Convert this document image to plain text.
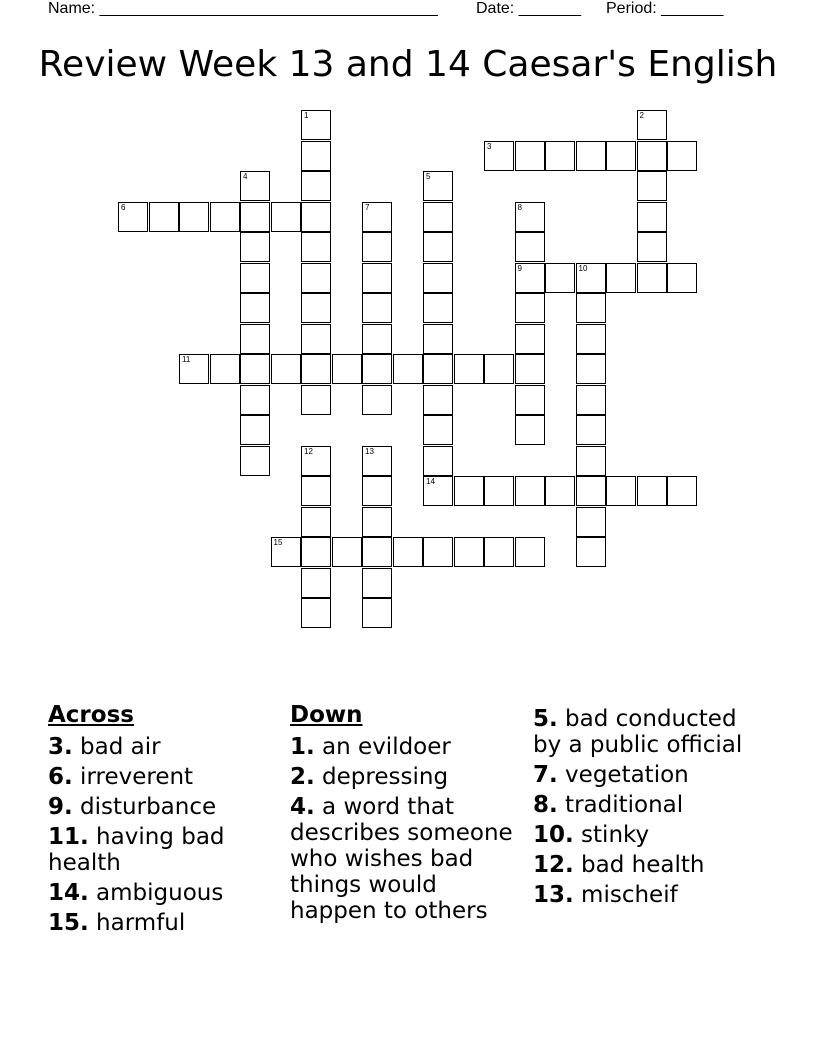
Name: ______________________________________ Date: _______ Period: _______
Review Week 13 and 14 Caesar's English
1	2
3
4	5
14
6	7	8
9	10
11
12	13
15
Across
3. bad air
6. irreverent
9. disturbance
11. having bad health
14. ambiguous
15. harmful
Down
1. an evildoer
2. depressing
4. a word that describes someone who wishes bad things would happen to others
5. bad conducted by a public official
7. vegetation
8. traditional
10. stinky
12. bad health
13. mischeif
